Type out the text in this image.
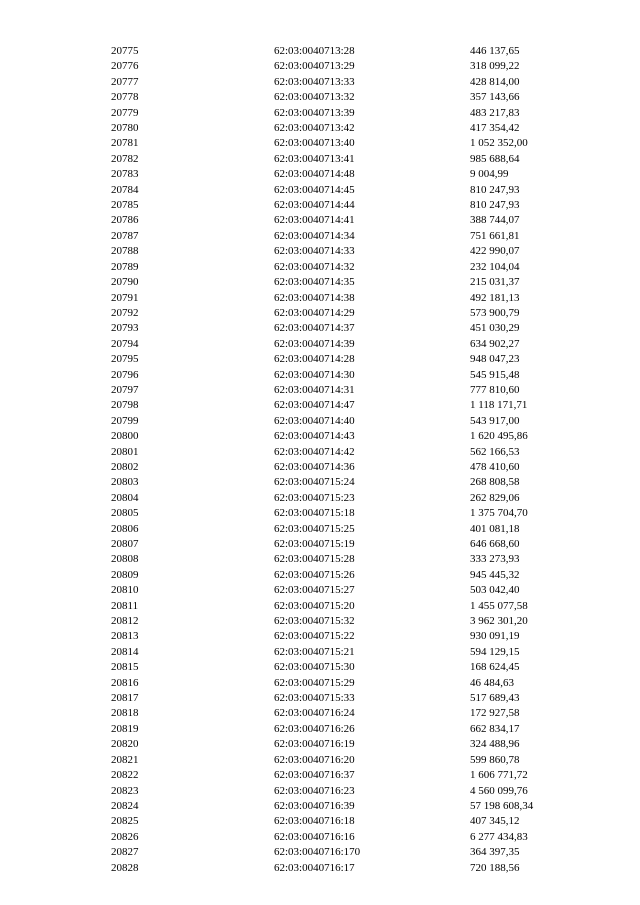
20775	62:03:0040713:28	446 137,65
20776	62:03:0040713:29	318 099,22
20777	62:03:0040713:33	428 814,00
20778	62:03:0040713:32	357 143,66
20779	62:03:0040713:39	483 217,83
20780	62:03:0040713:42	417 354,42
20781	62:03:0040713:40	1 052 352,00
20782	62:03:0040713:41	985 688,64
20783	62:03:0040714:48	9 004,99
20784	62:03:0040714:45	810 247,93
20785	62:03:0040714:44	810 247,93
20786	62:03:0040714:41	388 744,07
20787	62:03:0040714:34	751 661,81
20788	62:03:0040714:33	422 990,07
20789	62:03:0040714:32	232 104,04
20790	62:03:0040714:35	215 031,37
20791	62:03:0040714:38	492 181,13
20792	62:03:0040714:29	573 900,79
20793	62:03:0040714:37	451 030,29
20794	62:03:0040714:39	634 902,27
20795	62:03:0040714:28	948 047,23
20796	62:03:0040714:30	545 915,48
20797	62:03:0040714:31	777 810,60
20798	62:03:0040714:47	1 118 171,71
20799	62:03:0040714:40	543 917,00
20800	62:03:0040714:43	1 620 495,86
20801	62:03:0040714:42	562 166,53
20802	62:03:0040714:36	478 410,60
20803	62:03:0040715:24	268 808,58
20804	62:03:0040715:23	262 829,06
20805	62:03:0040715:18	1 375 704,70
20806	62:03:0040715:25	401 081,18
20807	62:03:0040715:19	646 668,60
20808	62:03:0040715:28	333 273,93
20809	62:03:0040715:26	945 445,32
20810	62:03:0040715:27	503 042,40
20811	62:03:0040715:20	1 455 077,58
20812	62:03:0040715:32	3 962 301,20
20813	62:03:0040715:22	930 091,19
20814	62:03:0040715:21	594 129,15
20815	62:03:0040715:30	168 624,45
20816	62:03:0040715:29	46 484,63
20817	62:03:0040715:33	517 689,43
20818	62:03:0040716:24	172 927,58
20819	62:03:0040716:26	662 834,17
20820	62:03:0040716:19	324 488,96
20821	62:03:0040716:20	599 860,78
20822	62:03:0040716:37	1 606 771,72
20823	62:03:0040716:23	4 560 099,76
20824	62:03:0040716:39	57 198 608,34
20825	62:03:0040716:18	407 345,12
20826	62:03:0040716:16	6 277 434,83
20827	62:03:0040716:170	364 397,35
20828	62:03:0040716:17	720 188,56
